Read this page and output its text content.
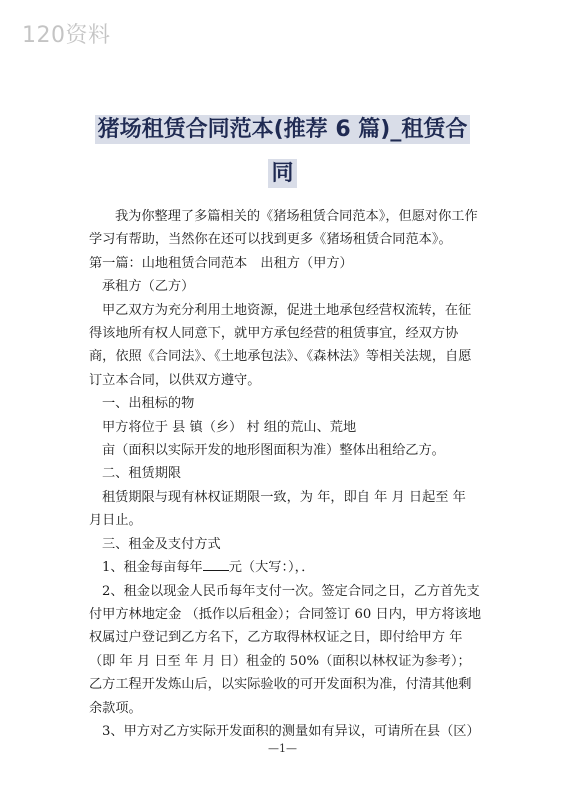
120资料
猪场租赁合同范本(推荐 6 篇)_租赁合
同

我为你整理了多篇相关的《猪场租赁合同范本》，但愿对你工作学习有帮助，当然你在还可以找到更多《猪场租赁合同范本》。

第一篇：山地租赁合同范本　出租方（甲方）

承租方（乙方）

甲乙双方为充分利用土地资源，促进土地承包经营权流转，在征得该地所有权人同意下，就甲方承包经营的租赁事宜，经双方协商，依照《合同法》、《土地承包法》、《森林法》等相关法规，自愿订立本合同，以供双方遵守。

一、出租标的物

甲方将位于 县 镇（乡） 村 组的荒山、荒地

亩（面积以实际开发的地形图面积为准）整体出租给乙方。

二、租赁期限

租赁期限与现有林权证期限一致，为 年，即自 年 月 日起至 年 月日止。

三、租金及支付方式

1、租金每亩每年 元（大写：），．

2、租金以现金人民币每年支付一次。签定合同之日，乙方首先支付甲方林地定金 （抵作以后租金）；合同签订 60 日内，甲方将该地权属过户登记到乙方名下，乙方取得林权证之日，即付给甲方 年（即 年 月 日至 年 月 日）租金的 50%（面积以林权证为参考）；乙方工程开发炼山后，以实际验收的可开发面积为准，付清其他剩余款项。

3、甲方对乙方实际开发面积的测量如有异议，可请所在县（区）

—1—
